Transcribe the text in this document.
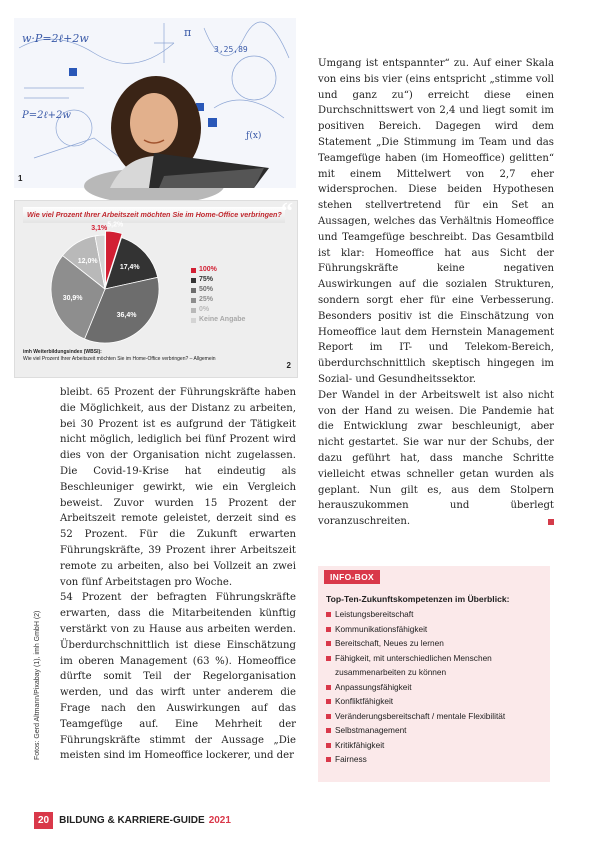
w·P=2ℓ+2w
P=2ℓ+2w
π
3,25,89
ƒ(x)
1
Wie viel Prozent Ihrer Arbeitszeit möchten Sie im Home-Office verbringen? “
5,2%
17,4%
36,4%
30,9%
12,0%
3,1%
100%
75%
50%
25%
0%
Keine Angabe
imh Weiterbildungsindex (WBSI):
Wie viel Prozent Ihrer Arbeitszeit möchten Sie im Home-Office verbringen? – Allgemein
2

bleibt. 65 Prozent der Führungskräfte haben die Möglichkeit, aus der Distanz zu arbeiten, bei 30 Prozent ist es aufgrund der Tätigkeit nicht möglich, lediglich bei fünf Prozent wird dies von der Organisation nicht zugelassen. Die Covid-19-Krise hat eindeutig als Beschleuniger gewirkt, wie ein Vergleich beweist. Zuvor wurden 15 Prozent der Arbeitszeit remote geleistet, derzeit sind es 52 Prozent. Für die Zukunft erwarten Führungskräfte, 39 Prozent ihrer Arbeitszeit remote zu arbeiten, also bei Vollzeit an zwei von fünf Arbeitstagen pro Woche.

54 Prozent der befragten Führungskräfte erwarten, dass die Mitarbeitenden künftig verstärkt von zu Hause aus arbeiten werden. Überdurchschnittlich ist diese Einschätzung im oberen Management (63 %). Homeoffice dürfte somit Teil der Regelorganisation werden, und das wirft unter anderem die Frage nach den Auswirkungen auf das Teamgefüge auf. Eine Mehrheit der Führungskräfte stimmt der Aussage „Die meisten sind im Homeoffice lockerer, und der

Umgang ist entspannter“ zu. Auf einer Skala von eins bis vier (eins entspricht „stimme voll und ganz zu“) erreicht diese einen Durchschnittswert von 2,4 und liegt somit im positiven Bereich. Dagegen wird dem Statement „Die Stimmung im Team und das Teamgefüge haben (im Homeoffice) gelitten“ mit einem Mittelwert von 2,7 eher widersprochen. Diese beiden Hypothesen stehen stellvertretend für ein Set an Aussagen, welches das Verhältnis Homeoffice und Teamgefüge beschreibt. Das Gesamtbild ist klar: Homeoffice hat aus Sicht der Führungskräfte keine negativen Auswirkungen auf die sozialen Strukturen, sondern sorgt eher für eine Verbesserung. Besonders positiv ist die Einschätzung von Homeoffice laut dem Hernstein Management Report im IT- und Telekom-Bereich, überdurchschnittlich skeptisch hingegen im Sozial- und Gesundheitssektor.

Der Wandel in der Arbeitswelt ist also nicht von der Hand zu weisen. Die Pandemie hat die Entwicklung zwar beschleunigt, aber nicht gestartet. Sie war nur der Schubs, der dazu geführt hat, dass manche Schritte vielleicht etwas schneller getan wurden als geplant. Nun gilt es, aus dem Stolpern herauszukommen und überlegt voranzuschreiten.

Fotos: Gerd Altmann/Pixabay (1), imh GmbH (2)
INFO-BOX
Top-Ten-Zukunftskompetenzen im Überblick:
Leistungsbereitschaft
Kommunikationsfähigkeit
Bereitschaft, Neues zu lernen
Fähigkeit, mit unterschiedlichen Menschen zusammenarbeiten zu können
Anpassungsfähigkeit
Konfliktfähigkeit
Veränderungsbereitschaft / mentale Flexibilität
Selbstmanagement
Kritikfähigkeit
Fairness
20	BILDUNG & KARRIERE-GUIDE 2021
